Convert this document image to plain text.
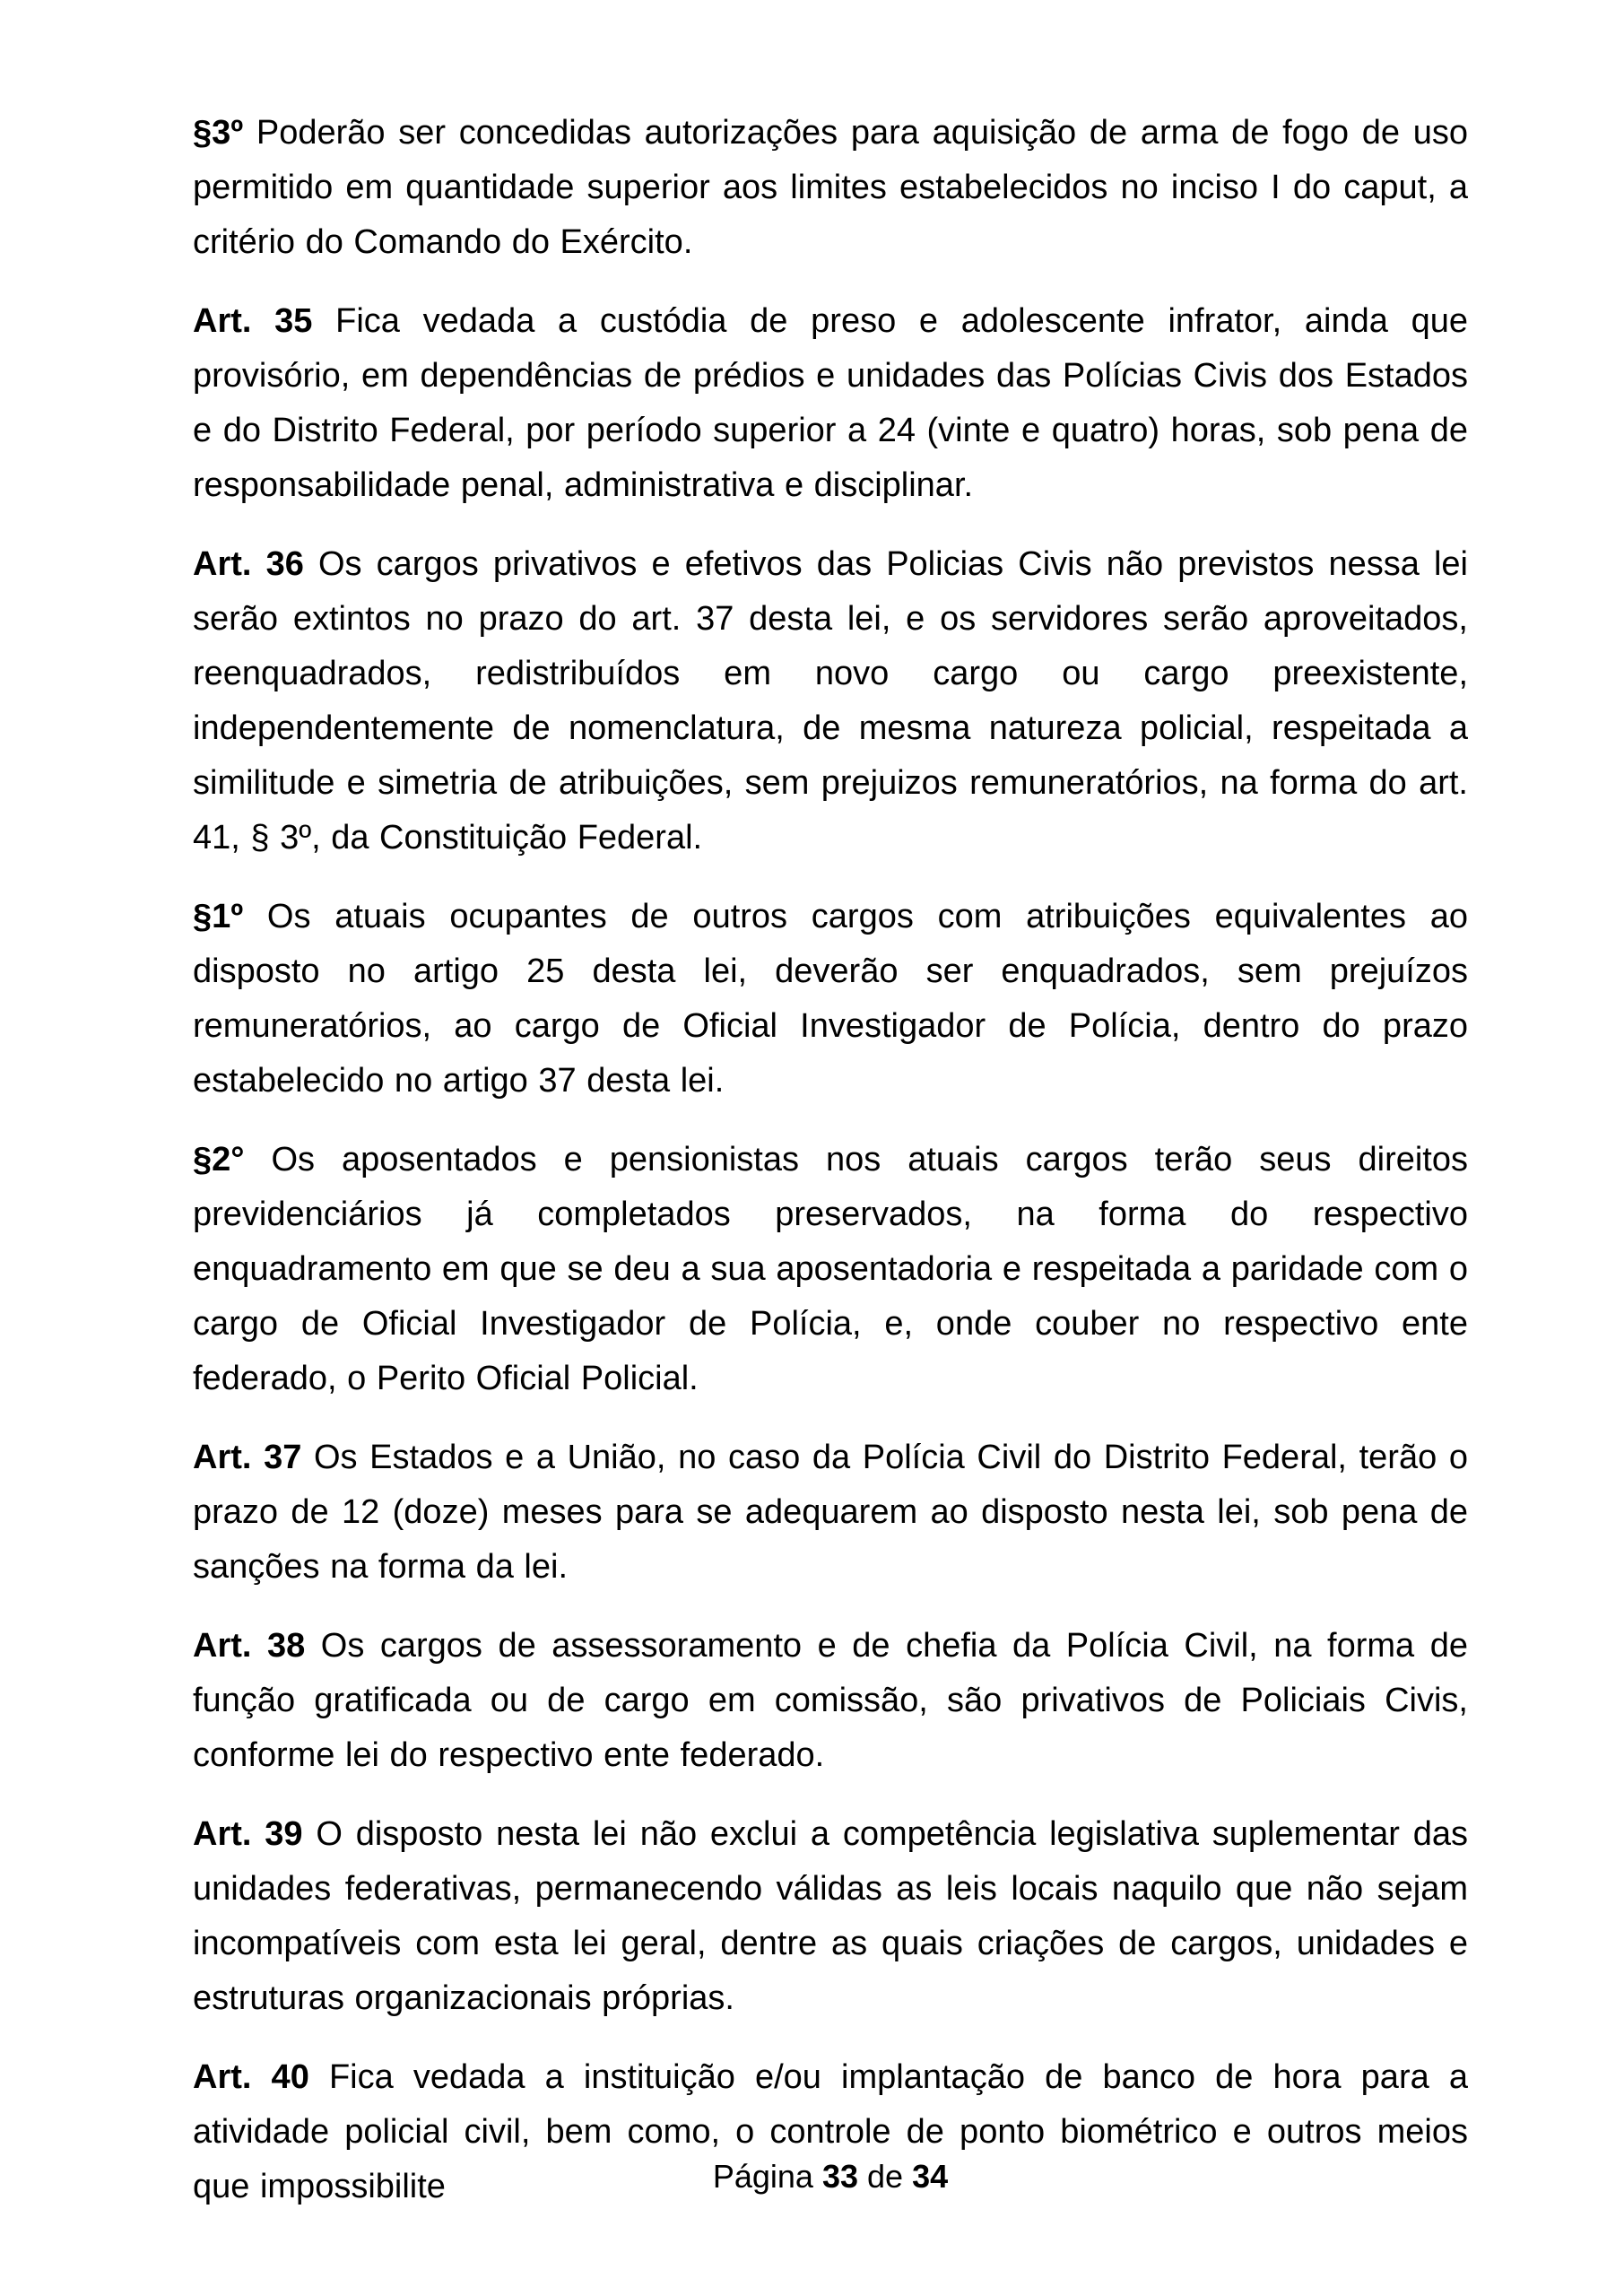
§3º Poderão ser concedidas autorizações para aquisição de arma de fogo de uso permitido em quantidade superior aos limites estabelecidos no inciso I do caput, a critério do Comando do Exército.

Art. 35 Fica vedada a custódia de preso e adolescente infrator, ainda que provisório, em dependências de prédios e unidades das Polícias Civis dos Estados e do Distrito Federal, por período superior a 24 (vinte e quatro) horas, sob pena de responsabilidade penal, administrativa e disciplinar.

Art. 36 Os cargos privativos e efetivos das Policias Civis não previstos nessa lei serão extintos no prazo do art. 37 desta lei, e os servidores serão aproveitados, reenquadrados, redistribuídos em novo cargo ou cargo preexistente, independentemente de nomenclatura, de mesma natureza policial, respeitada a similitude e simetria de atribuições, sem prejuizos remuneratórios, na forma do art. 41, § 3º, da Constituição Federal.

§1º Os atuais ocupantes de outros cargos com atribuições equivalentes ao disposto no artigo 25 desta lei, deverão ser enquadrados, sem prejuízos remuneratórios, ao cargo de Oficial Investigador de Polícia, dentro do prazo estabelecido no artigo 37 desta lei.

§2° Os aposentados e pensionistas nos atuais cargos terão seus direitos previdenciários já completados preservados, na forma do respectivo enquadramento em que se deu a sua aposentadoria e respeitada a paridade com o cargo de Oficial Investigador de Polícia, e, onde couber no respectivo ente federado, o Perito Oficial Policial.

Art. 37 Os Estados e a União, no caso da Polícia Civil do Distrito Federal, terão o prazo de 12 (doze) meses para se adequarem ao disposto nesta lei, sob pena de sanções na forma da lei.

Art. 38 Os cargos de assessoramento e de chefia da Polícia Civil, na forma de função gratificada ou de cargo em comissão, são privativos de Policiais Civis, conforme lei do respectivo ente federado.

Art. 39 O disposto nesta lei não exclui a competência legislativa suplementar das unidades federativas, permanecendo válidas as leis locais naquilo que não sejam incompatíveis com esta lei geral, dentre as quais criações de cargos, unidades e estruturas organizacionais próprias.

Art. 40 Fica vedada a instituição e/ou implantação de banco de hora para a atividade policial civil, bem como, o controle de ponto biométrico e outros meios que impossibilite	Página 33 de 34
